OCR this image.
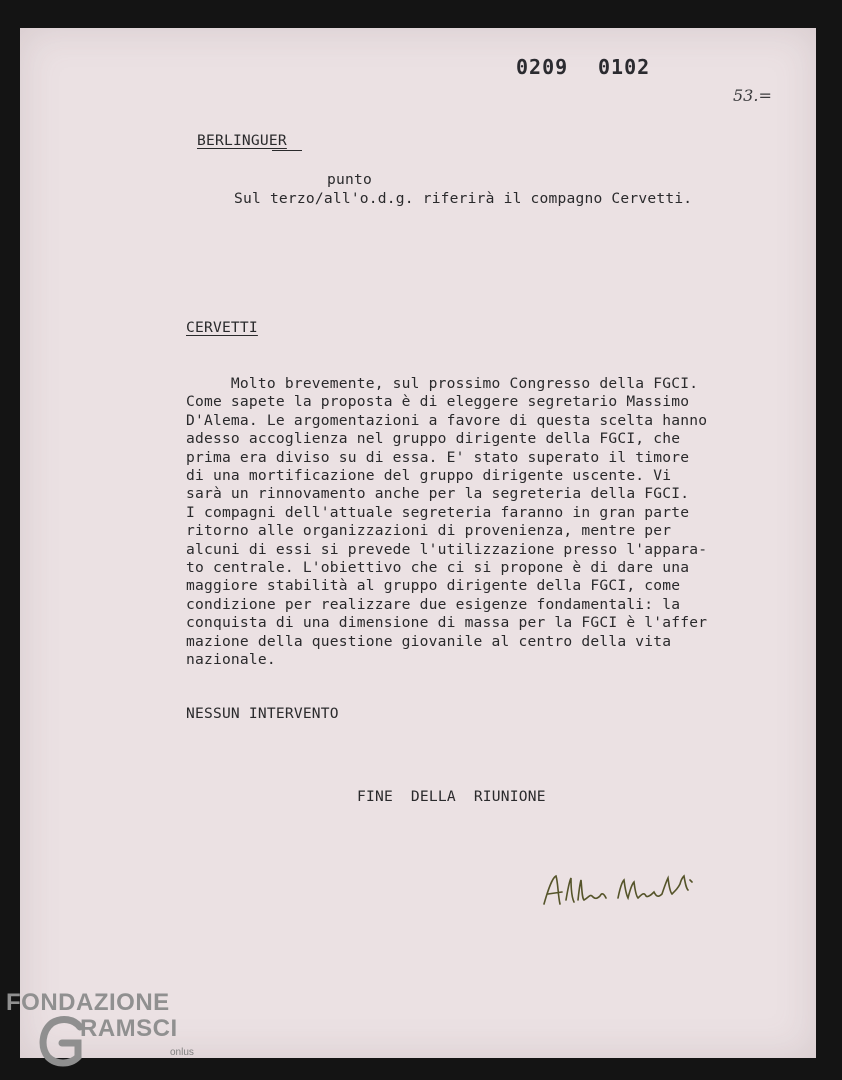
0209 0102
53.=
BERLINGUER
punto
Sul terzo/all'o.d.g. riferirà il compagno Cervetti.
CERVETTI
Molto brevemente, sul prossimo Congresso della FGCI.
Come sapete la proposta è di eleggere segretario Massimo
D'Alema. Le argomentazioni a favore di questa scelta hanno
adesso accoglienza nel gruppo dirigente della FGCI, che
prima era diviso su di essa. E' stato superato il timore
di una mortificazione del gruppo dirigente uscente. Vi
sarà un rinnovamento anche per la segreteria della FGCI.
I compagni dell'attuale segreteria faranno in gran parte
ritorno alle organizzazioni di provenienza, mentre per
alcuni di essi si prevede l'utilizzazione presso l'appara-
to centrale. L'obiettivo che ci si propone è di dare una
maggiore stabilità al gruppo dirigente della FGCI, come
condizione per realizzare due esigenze fondamentali: la
conquista di una dimensione di massa per la FGCI è l'affer
mazione della questione giovanile al centro della vita
nazionale.
NESSUN INTERVENTO
FINE  DELLA  RIUNIONE
FONDAZIONE
RAMSCI
onlus
